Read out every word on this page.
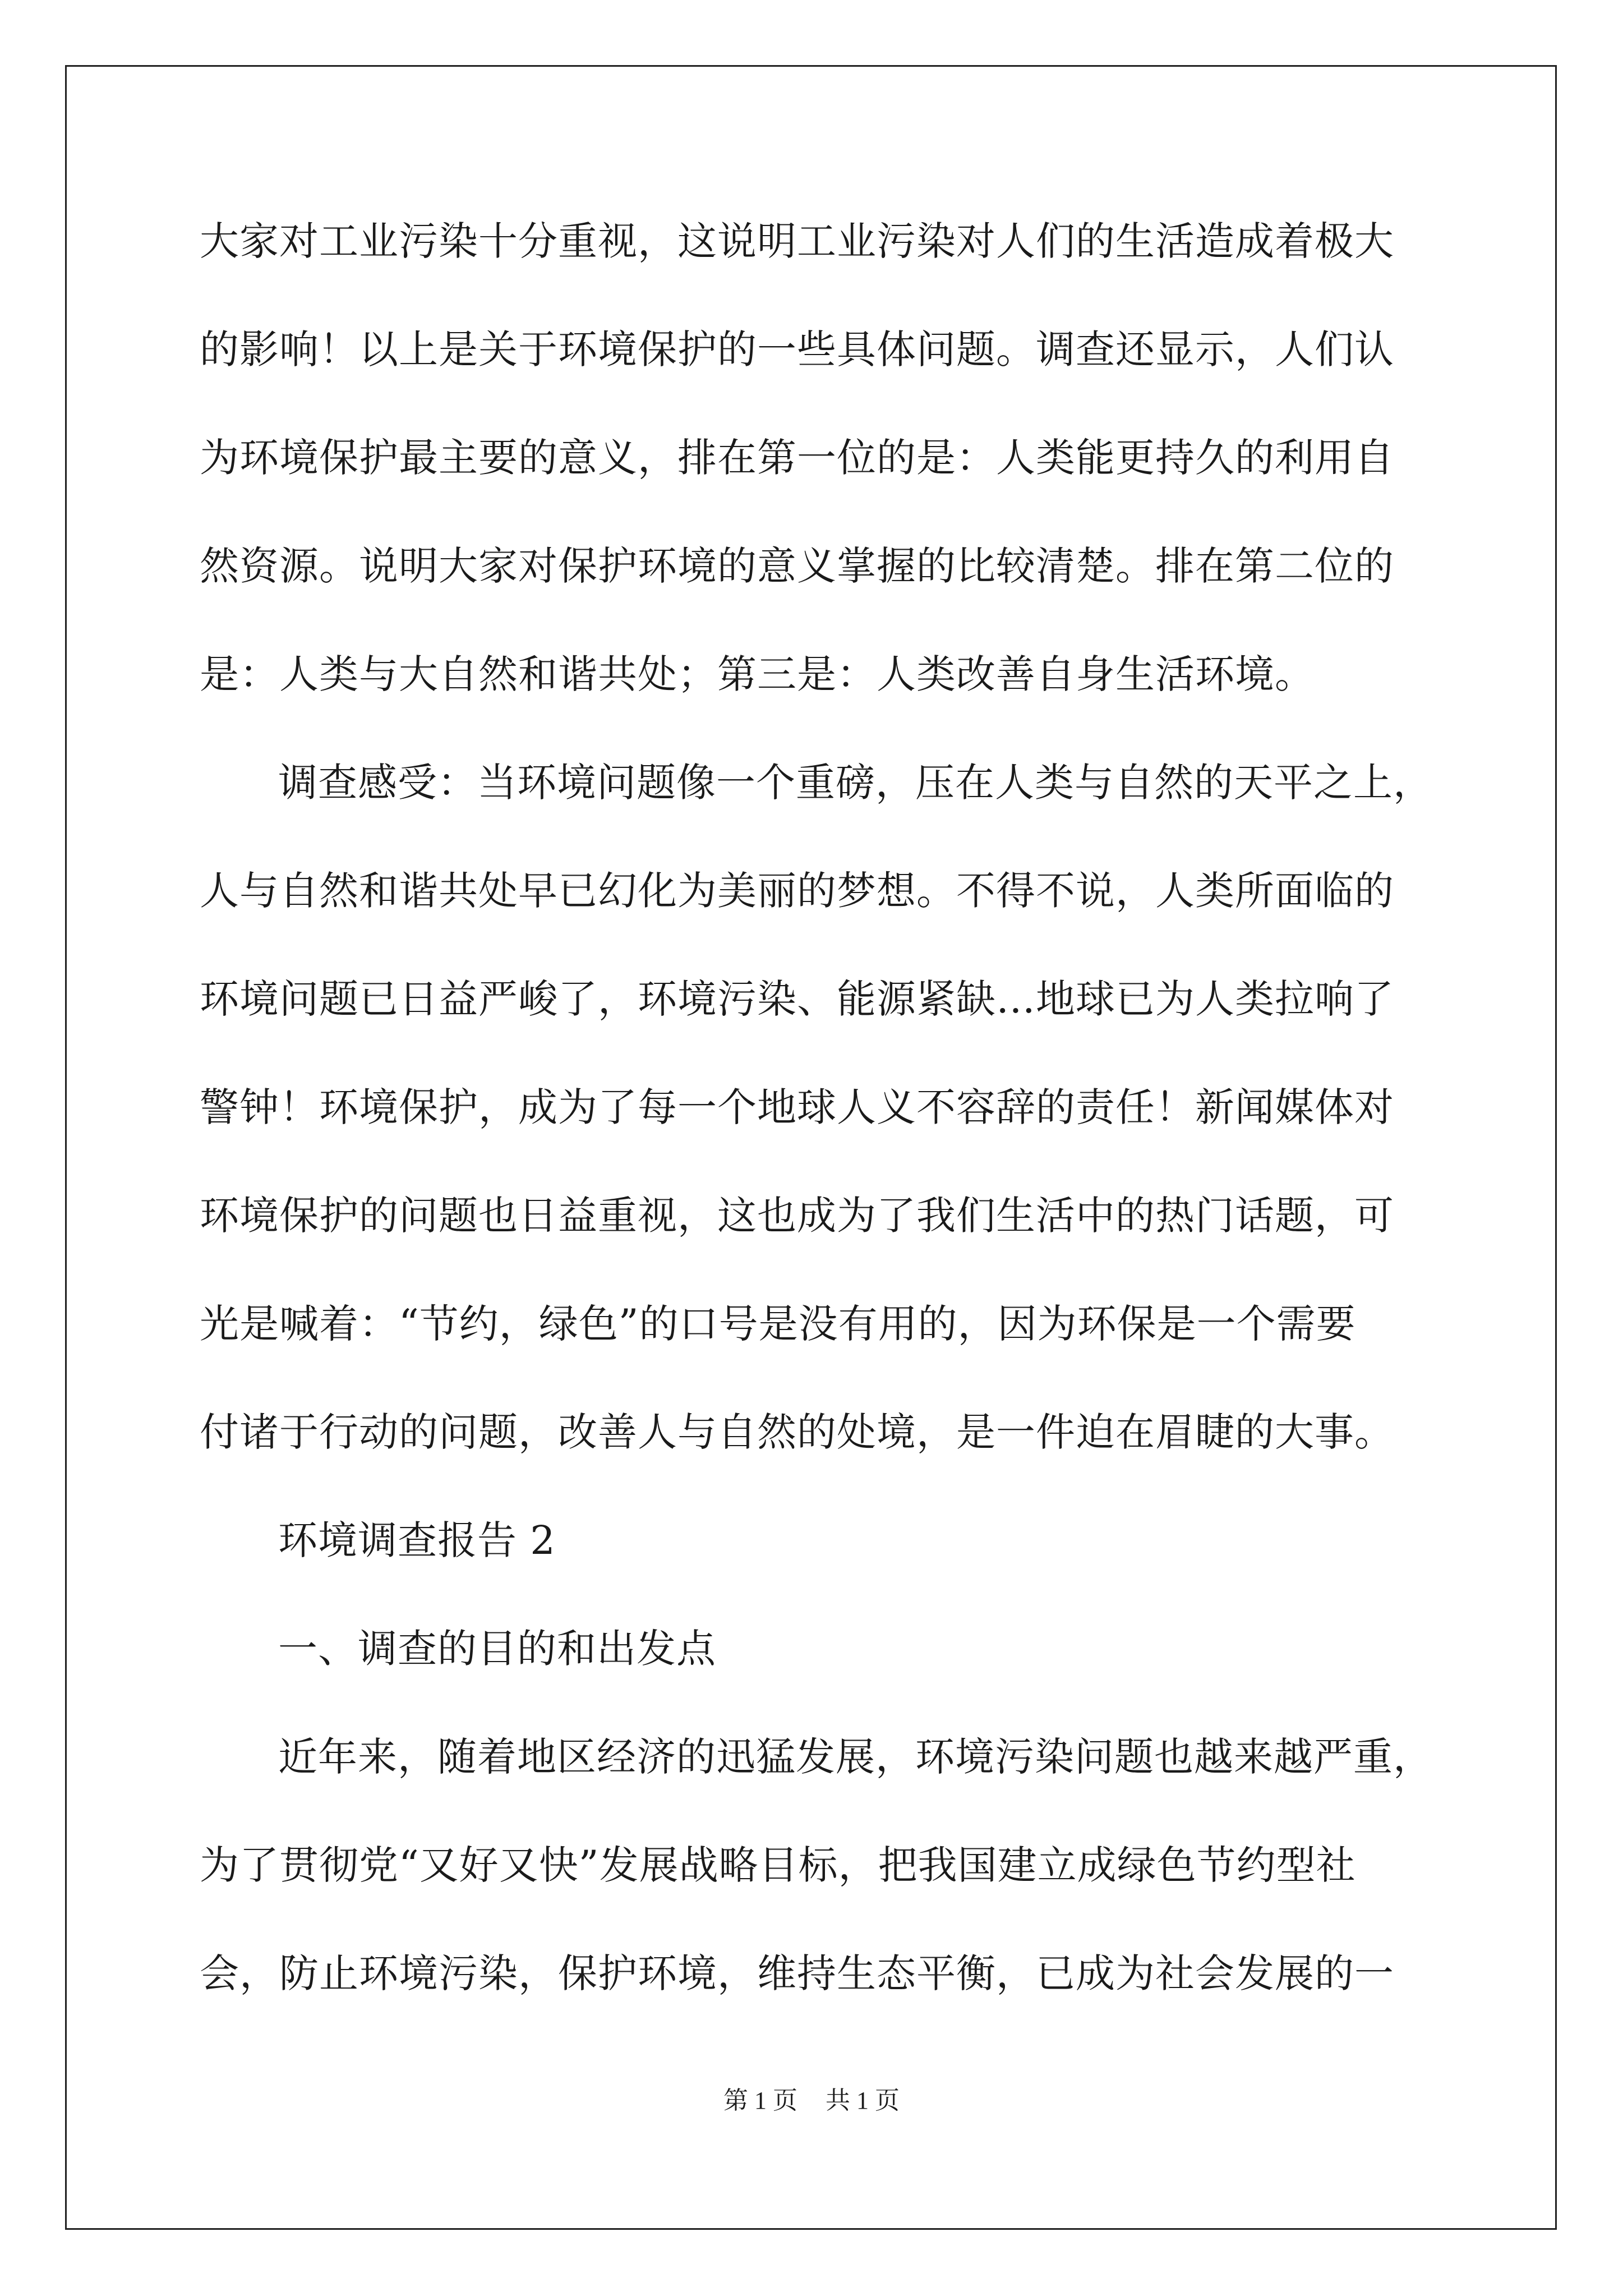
大家对工业污染十分重视，这说明工业污染对人们的生活造成着极大
的影响！以上是关于环境保护的一些具体问题。调查还显示，人们认
为环境保护最主要的意义，排在第一位的是：人类能更持久的利用自
然资源。说明大家对保护环境的意义掌握的比较清楚。排在第二位的
是：人类与大自然和谐共处；第三是：人类改善自身生活环境。
调查感受：当环境问题像一个重磅，压在人类与自然的天平之上，
人与自然和谐共处早已幻化为美丽的梦想。不得不说，人类所面临的
环境问题已日益严峻了，环境污染、能源紧缺…地球已为人类拉响了
警钟！环境保护，成为了每一个地球人义不容辞的责任！新闻媒体对
环境保护的问题也日益重视，这也成为了我们生活中的热门话题，可
光是喊着：“节约，绿色”的口号是没有用的，因为环保是一个需要
付诸于行动的问题，改善人与自然的处境，是一件迫在眉睫的大事。
环境调查报告 2
一、调查的目的和出发点
近年来，随着地区经济的迅猛发展，环境污染问题也越来越严重，
为了贯彻党“又好又快”发展战略目标，把我国建立成绿色节约型社
会，防止环境污染，保护环境，维持生态平衡，已成为社会发展的一
第 1 页 共 1 页
